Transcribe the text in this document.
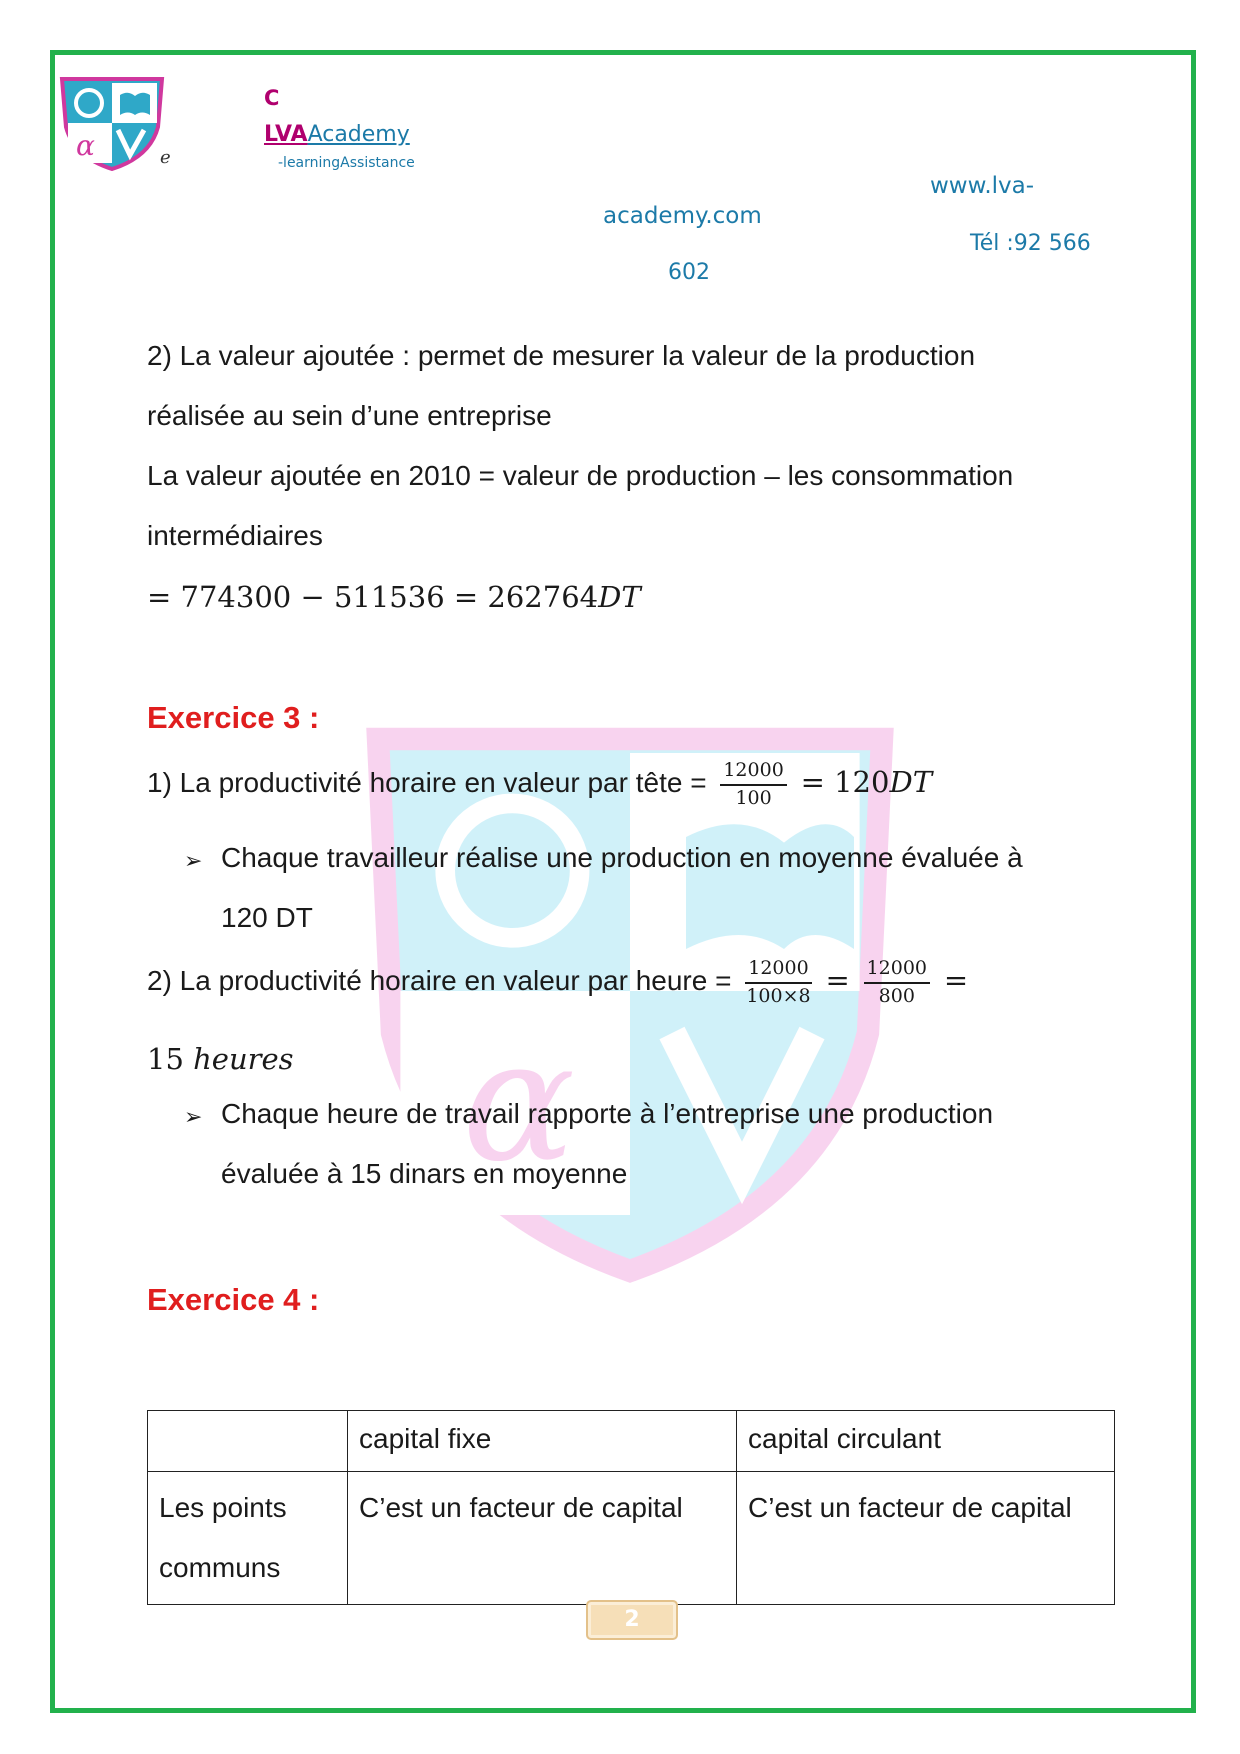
α
α
C
LVAAcademy
-learningAssistance
e
www.lva-
academy.com
Tél :92 566
602
2) La valeur ajoutée : permet de mesurer la valeur de la production
réalisée au sein d’une entreprise
La valeur ajoutée en 2010 = valeur de production – les consommation
intermédiaires
= 774300 − 511536 = 262764DT
Exercice 3 :
1) La productivité horaire en valeur par tête = $\frac{12000}{100} = 120DT$
➢ Chaque travailleur réalise une production en moyenne évaluée à
120 DT
2) La productivité horaire en valeur par heure = $\frac{12000}{100\times 8} = \frac{12000}{800}$ =
15 heures
➢ Chaque heure de travail rapporte à l’entreprise une production
évaluée à 15 dinars en moyenne
Exercice 4 :
	capital fixe	capital circulant
Les points
communs	C’est un facteur de capital	C’est un facteur de capital
2
